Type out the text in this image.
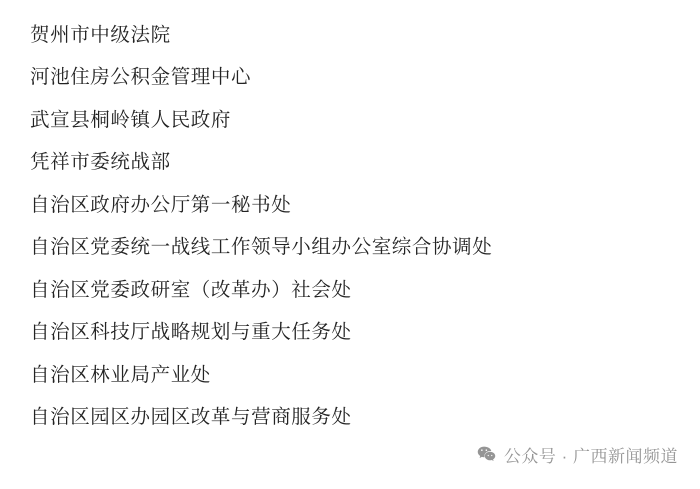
贺州市中级法院
河池住房公积金管理中心
武宣县桐岭镇人民政府
凭祥市委统战部
自治区政府办公厅第一秘书处
自治区党委统一战线工作领导小组办公室综合协调处
自治区党委政研室（改革办）社会处
自治区科技厅战略规划与重大任务处
自治区林业局产业处
自治区园区办园区改革与营商服务处
公众号 · 广西新闻频道
